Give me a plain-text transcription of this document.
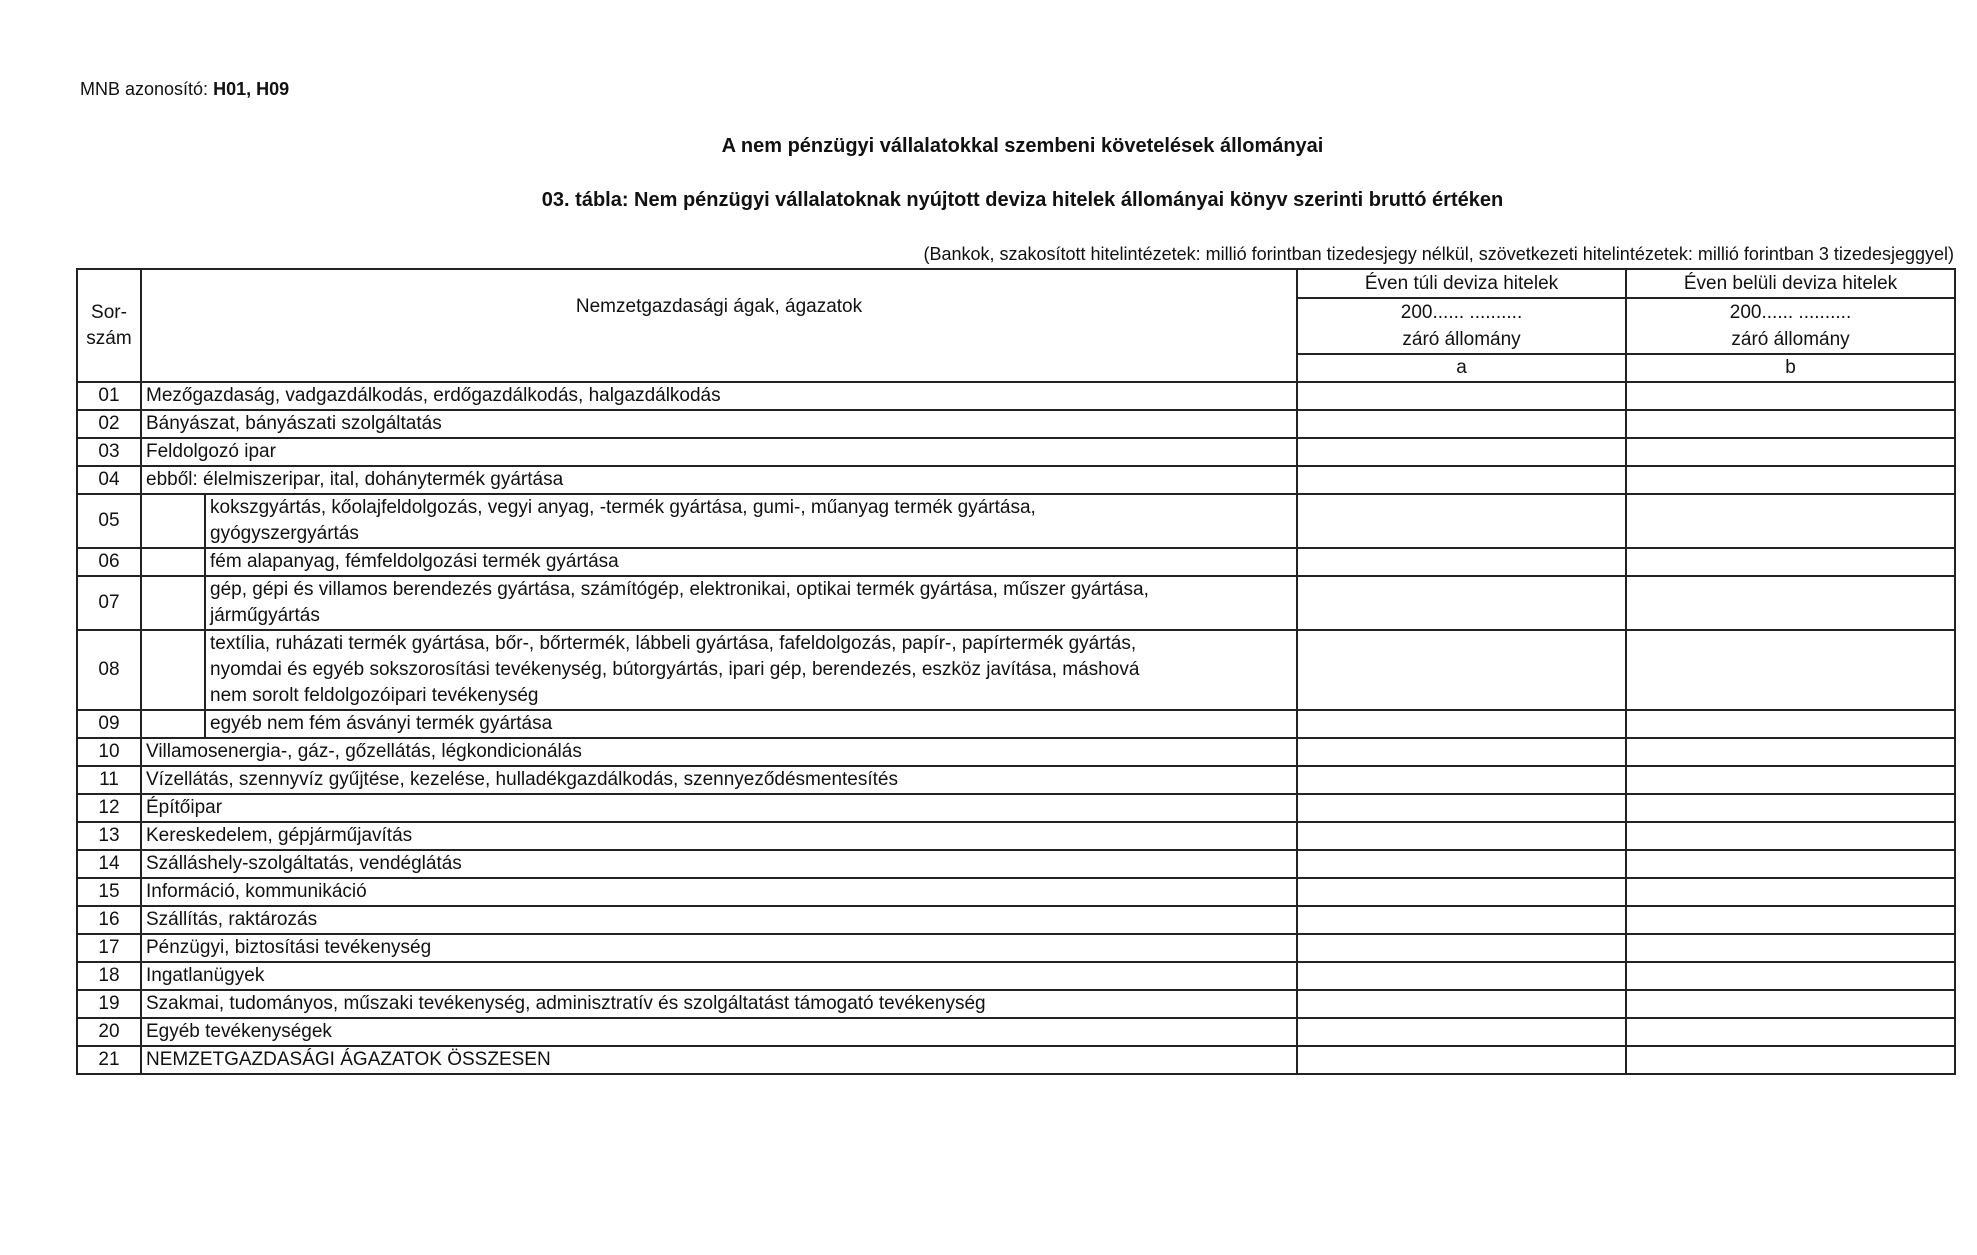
MNB azonosító: H01, H09
A nem pénzügyi vállalatokkal szembeni követelések állományai
03. tábla: Nem pénzügyi vállalatoknak nyújtott deviza hitelek állományai könyv szerinti bruttó értéken
(Bankok, szakosított hitelintézetek: millió forintban tizedesjegy nélkül, szövetkezeti hitelintézetek: millió forintban 3 tizedesjeggyel)
Sor-
szám	Nemzetgazdasági ágak, ágazatok		Éven túli deviza hitelek	Éven belüli deviza hitelek
			200...... ..........	200...... ..........
			záró állomány	záró állomány
			a	b
01	Mezőgazdaság, vadgazdálkodás, erdőgazdálkodás, halgazdálkodás			
02	Bányászat, bányászati szolgáltatás			
03	Feldolgozó ipar			
04	ebből: élelmiszeripar, ital, dohánytermék gyártása			
05		kokszgyártás, kőolajfeldolgozás, vegyi anyag, -termék gyártása, gumi-, műanyag termék gyártása,
gyógyszergyártás		

06		fém alapanyag, fémfeldolgozási termék gyártása		
07		gép, gépi és villamos berendezés gyártása, számítógép, elektronikai, optikai termék gyártása, műszer gyártása,
járműgyártás		

08		textília, ruházati termék gyártása, bőr-, bőrtermék, lábbeli gyártása, fafeldolgozás, papír-, papírtermék gyártás,
nyomdai és egyéb sokszorosítási tevékenység, bútorgyártás, ipari gép, berendezés, eszköz javítása, máshová
nem sorolt feldolgozóipari tevékenység		

09		egyéb nem fém ásványi termék gyártása		
10	Villamosenergia-, gáz-, gőzellátás, légkondicionálás			
11	Vízellátás, szennyvíz gyűjtése, kezelése, hulladékgazdálkodás, szennyeződésmentesítés			
12	Építőipar			
13	Kereskedelem, gépjárműjavítás			
14	Szálláshely-szolgáltatás, vendéglátás			
15	Információ, kommunikáció			
16	Szállítás, raktározás			
17	Pénzügyi, biztosítási tevékenység			
18	Ingatlanügyek			
19	Szakmai, tudományos, műszaki tevékenység, adminisztratív és szolgáltatást támogató tevékenység			
20	Egyéb tevékenységek			
21	NEMZETGAZDASÁGI ÁGAZATOK ÖSSZESEN			
